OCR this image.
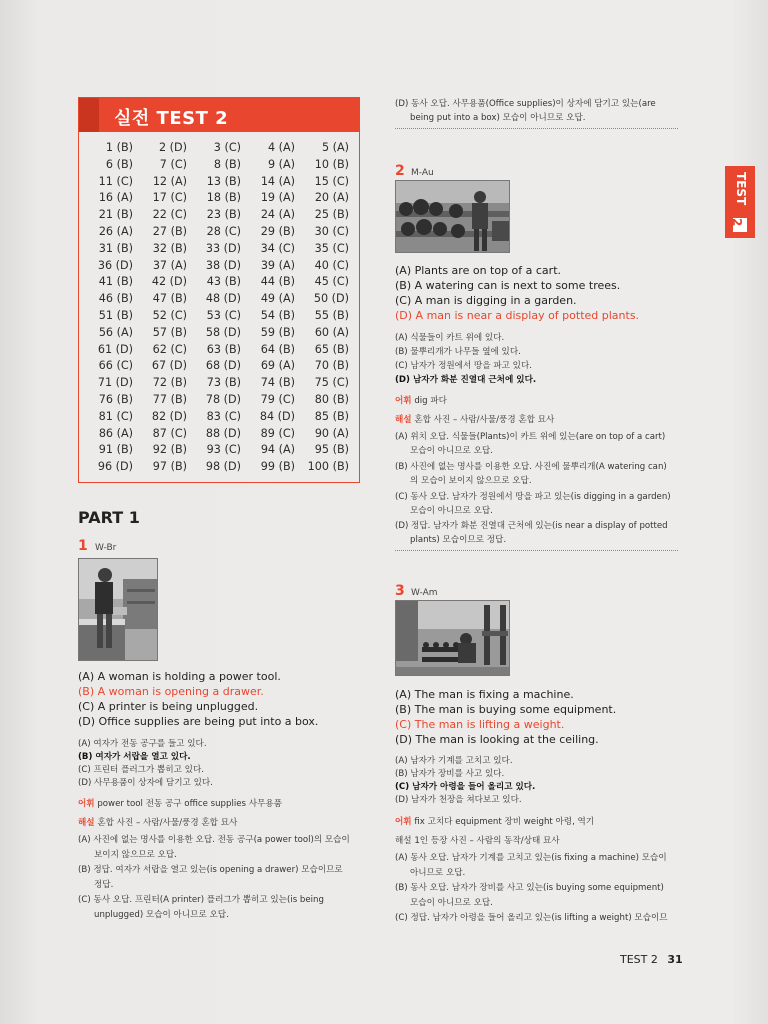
실전 TEST 2
1 (B)	2 (D)	3 (C)	4 (A)	5 (A)
6 (B)	7 (C)	8 (B)	9 (A)	10 (B)
11 (C)	12 (A)	13 (B)	14 (A)	15 (C)
16 (A)	17 (C)	18 (B)	19 (A)	20 (A)
21 (B)	22 (C)	23 (B)	24 (A)	25 (B)
26 (A)	27 (B)	28 (C)	29 (B)	30 (C)
31 (B)	32 (B)	33 (D)	34 (C)	35 (C)
36 (D)	37 (A)	38 (D)	39 (A)	40 (C)
41 (B)	42 (D)	43 (B)	44 (B)	45 (C)
46 (B)	47 (B)	48 (D)	49 (A)	50 (D)
51 (B)	52 (C)	53 (C)	54 (B)	55 (B)
56 (A)	57 (B)	58 (D)	59 (B)	60 (A)
61 (D)	62 (C)	63 (B)	64 (B)	65 (B)
66 (C)	67 (D)	68 (D)	69 (A)	70 (B)
71 (D)	72 (B)	73 (B)	74 (B)	75 (C)
76 (B)	77 (B)	78 (D)	79 (C)	80 (B)
81 (C)	82 (D)	83 (C)	84 (D)	85 (B)
86 (A)	87 (C)	88 (D)	89 (C)	90 (A)
91 (B)	92 (B)	93 (C)	94 (A)	95 (B)
96 (D)	97 (B)	98 (D)	99 (B)	100 (B)
PART 1
1 W-Br
(A) A woman is holding a power tool.
(B) A woman is opening a drawer.
(C) A printer is being unplugged.
(D) Office supplies are being put into a box.
(A) 여자가 전동 공구를 들고 있다.
(B) 여자가 서랍을 열고 있다.
(C) 프린터 플러그가 뽑히고 있다.
(D) 사무용품이 상자에 담기고 있다.
어휘 power tool 전동 공구 office supplies 사무용품
해설 혼합 사진 – 사람/사물/풍경 혼합 묘사
(A) 사진에 없는 명사를 이용한 오답. 전동 공구(a power tool)의 모습이
보이지 않으므로 오답.
(B) 정답. 여자가 서랍을 열고 있는(is opening a drawer) 모습이므로
정답.
(C) 동사 오답. 프린터(A printer) 플러그가 뽑히고 있는(is being
unplugged) 모습이 아니므로 오답.
(D) 동사 오답. 사무용품(Office supplies)이 상자에 담기고 있는(are
being put into a box) 모습이 아니므로 오답.
2 M-Au
(A) Plants are on top of a cart.
(B) A watering can is next to some trees.
(C) A man is digging in a garden.
(D) A man is near a display of potted plants.
(A) 식물들이 카트 위에 있다.
(B) 물뿌리개가 나무들 옆에 있다.
(C) 남자가 정원에서 땅을 파고 있다.
(D) 남자가 화분 진열대 근처에 있다.
어휘 dig 파다
해설 혼합 사진 – 사람/사물/풍경 혼합 묘사
(A) 위치 오답. 식물들(Plants)이 카트 위에 있는(are on top of a cart)
모습이 아니므로 오답.
(B) 사진에 없는 명사를 이용한 오답. 사진에 물뿌리개(A watering can)
의 모습이 보이지 않으므로 오답.
(C) 동사 오답. 남자가 정원에서 땅을 파고 있는(is digging in a garden)
모습이 아니므로 오답.
(D) 정답. 남자가 화분 진열대 근처에 있는(is near a display of potted
plants) 모습이므로 정답.
3 W-Am
(A) The man is fixing a machine.
(B) The man is buying some equipment.
(C) The man is lifting a weight.
(D) The man is looking at the ceiling.
(A) 남자가 기계를 고치고 있다.
(B) 남자가 장비를 사고 있다.
(C) 남자가 아령을 들어 올리고 있다.
(D) 남자가 천장을 쳐다보고 있다.
어휘 fix 고치다 equipment 장비 weight 아령, 역기
해설 1인 등장 사진 – 사람의 동작/상태 묘사
(A) 동사 오답. 남자가 기계를 고치고 있는(is fixing a machine) 모습이
아니므로 오답.
(B) 동사 오답. 남자가 장비를 사고 있는(is buying some equipment)
모습이 아니므로 오답.
(C) 정답. 남자가 아령을 들어 올리고 있는(is lifting a weight) 모습이므
TEST
2
TEST 2 31
